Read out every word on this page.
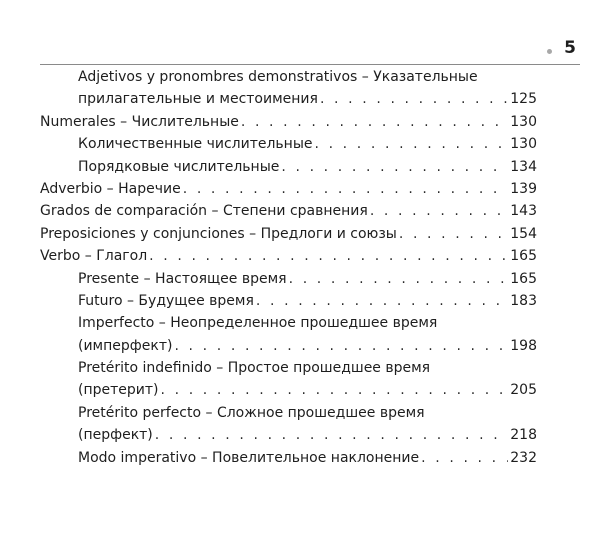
5
Adjetivos y pronombres demonstrativos – Указательные
прилагательные и местоимения . . .	125
Numerales – Числительные . . .	130
Количественные числительные . . .	130
Порядковые числительные . . .	134
Adverbio – Наречие . . .	139
Grados de comparación – Степени сравнения . . .	143
Preposiciones y conjunciones – Предлоги и союзы . . .	154
Verbo – Глагол . . .	165
Presente – Настоящее время . . .	165
Futuro – Будущее время . . .	183
Imperfecto – Неопределенное прошедшее время
(имперфект) . . .	198
Pretérito indefinido – Простое прошедшее время
(претерит) . . .	205
Pretérito perfecto – Сложное прошедшее время
(перфект) . . .	218
Modo imperativo – Повелительное наклонение . . .	232
